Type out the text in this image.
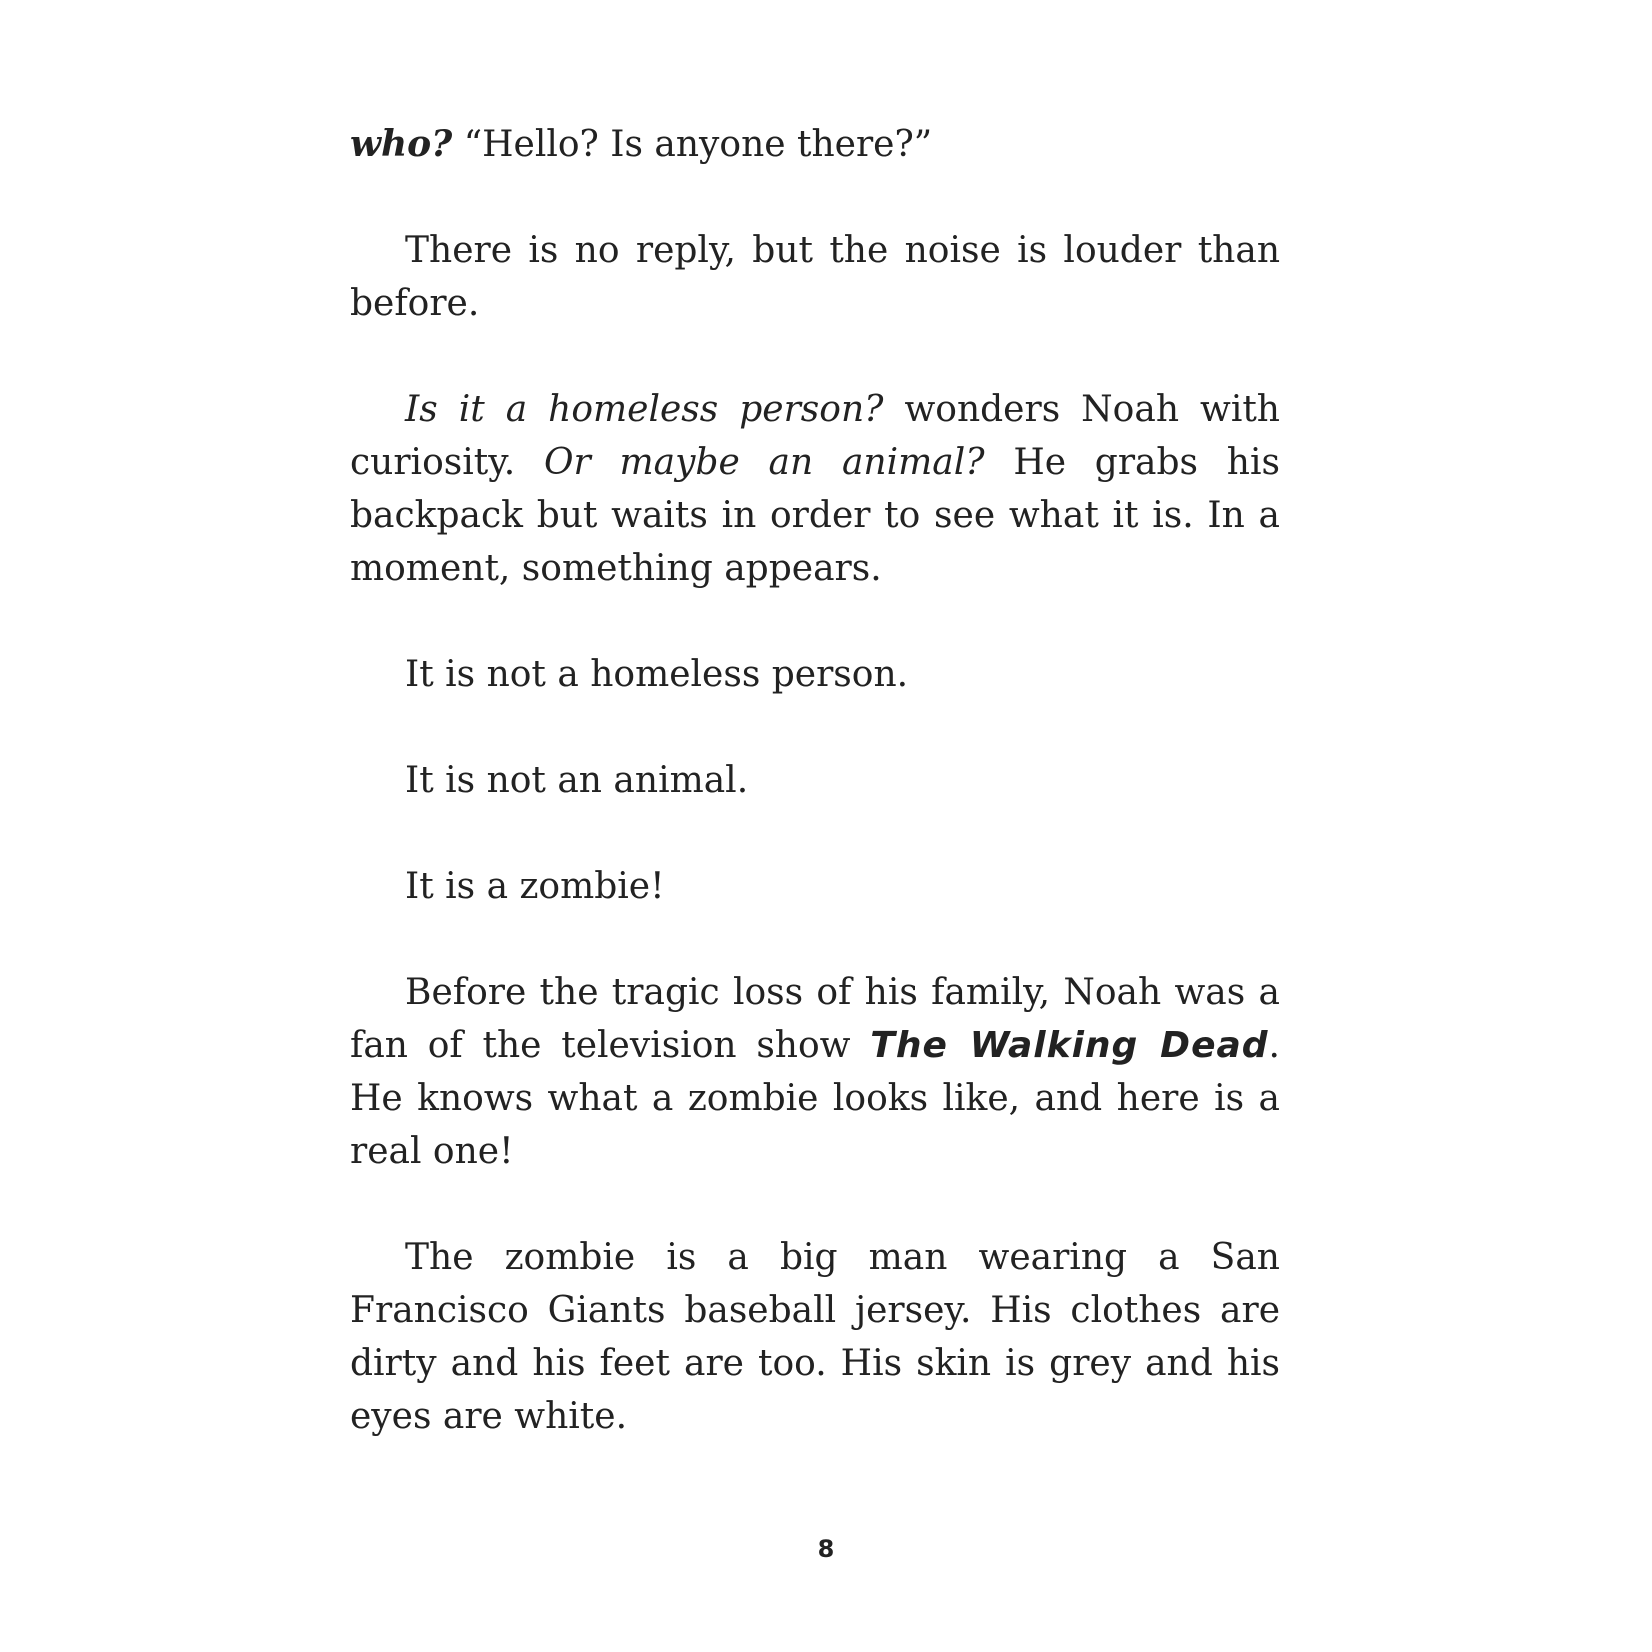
who? “Hello? Is anyone there?”

There is no reply, but the noise is louder than before.

Is it a homeless person? wonders Noah with curiosity. Or maybe an animal? He grabs his backpack but waits in order to see what it is. In a moment, something appears.

It is not a homeless person.

It is not an animal.

It is a zombie!

Before the tragic loss of his family, Noah was a fan of the television show The Walking Dead. He knows what a zombie looks like, and here is a real one!

The zombie is a big man wearing a San Francisco Giants baseball jersey. His clothes are dirty and his feet are too. His skin is grey and his eyes are white.

8
